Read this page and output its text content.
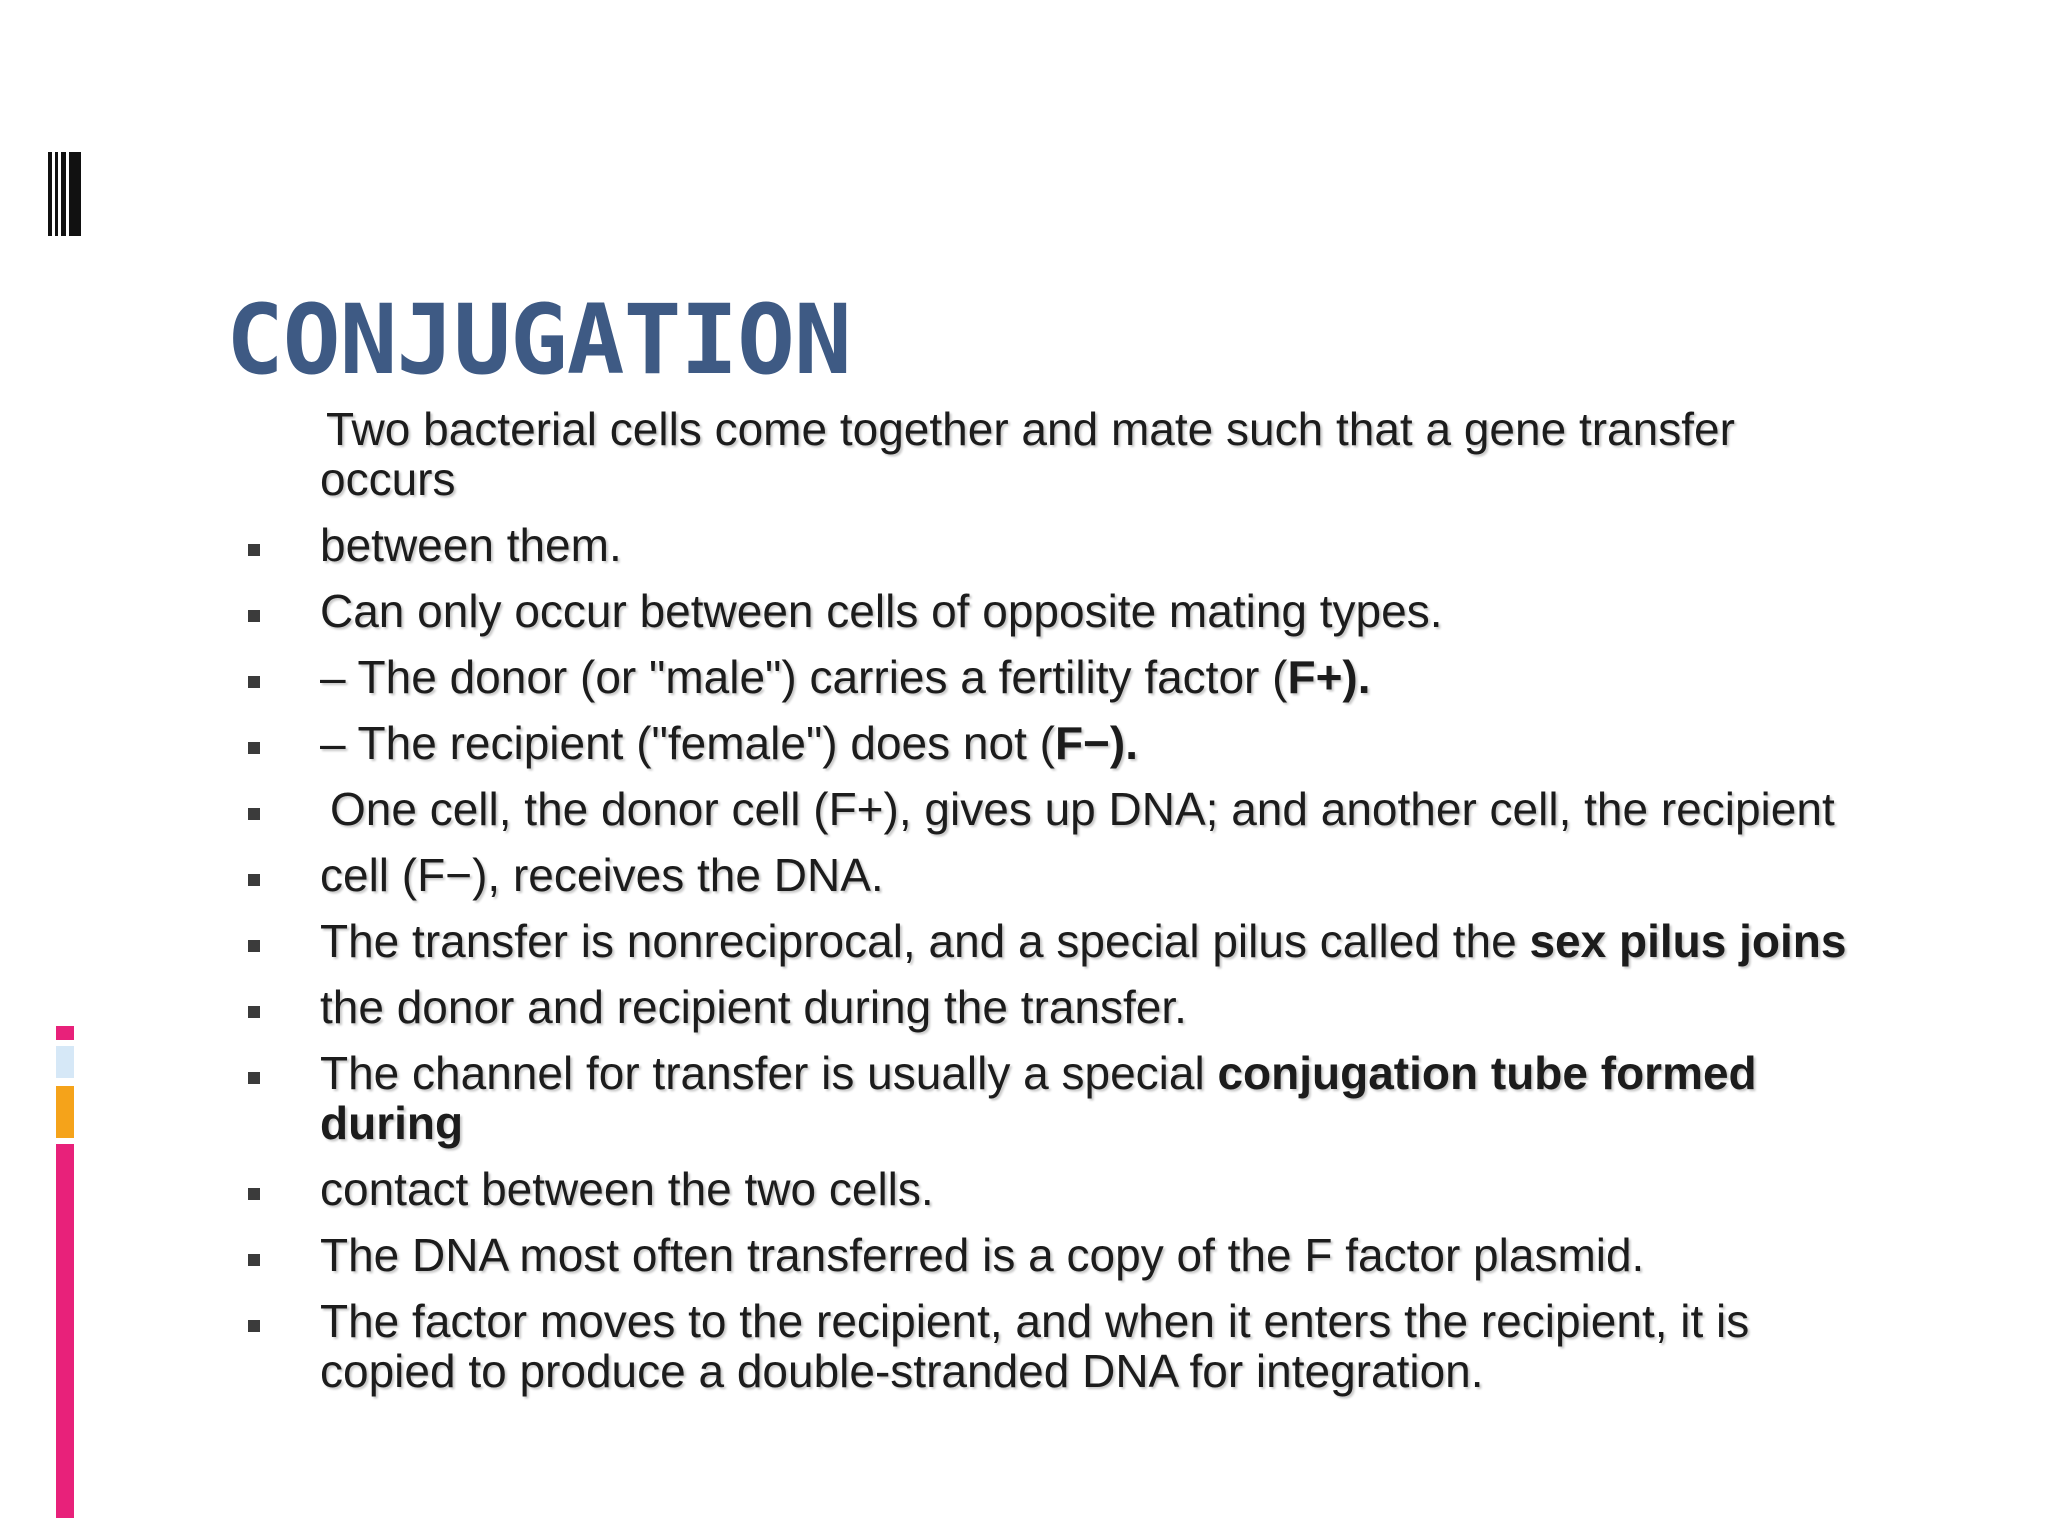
CONJUGATION
Two bacterial cells come together and mate such that a gene transfer
occurs
between them.
Can only occur between cells of opposite mating types.
– The donor (or "male") carries a fertility factor (F+).
– The recipient ("female") does not (F−).
One cell, the donor cell (F+), gives up DNA; and another cell, the recipient
cell (F−), receives the DNA.
The transfer is nonreciprocal, and a special pilus called the sex pilus joins
the donor and recipient during the transfer.
The channel for transfer is usually a special conjugation tube formed
during
contact between the two cells.
The DNA most often transferred is a copy of the F factor plasmid.
The factor moves to the recipient, and when it enters the recipient, it is
copied to produce a double-stranded DNA for integration.
